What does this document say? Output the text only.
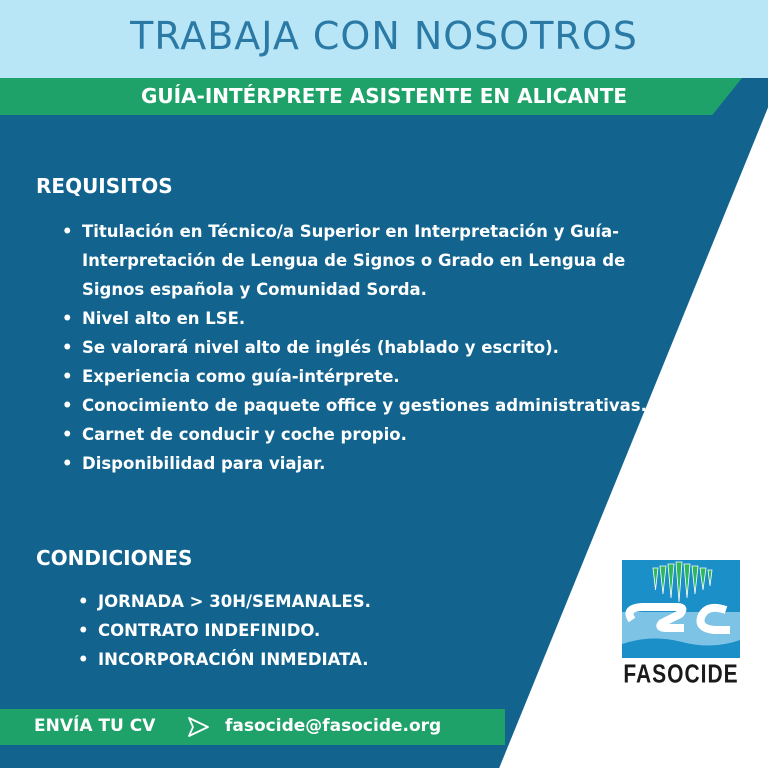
TRABAJA CON NOSOTROS
GUÍA-INTÉRPRETE ASISTENTE EN ALICANTE
REQUISITOS
• Titulación en Técnico/a Superior en Interpretación y Guía-Interpretación de Lengua de Signos o Grado en Lengua de Signos española y Comunidad Sorda.
• Nivel alto en LSE.
• Se valorará nivel alto de inglés (hablado y escrito).
• Experiencia como guía-intérprete.
• Conocimiento de paquete office y gestiones administrativas.
• Carnet de conducir y coche propio.
• Disponibilidad para viajar.
CONDICIONES
• JORNADA > 30H/SEMANALES.
• CONTRATO INDEFINIDO.
• INCORPORACIÓN INMEDIATA.
FASOCIDE
ENVÍA TU CV	fasocide@fasocide.org
